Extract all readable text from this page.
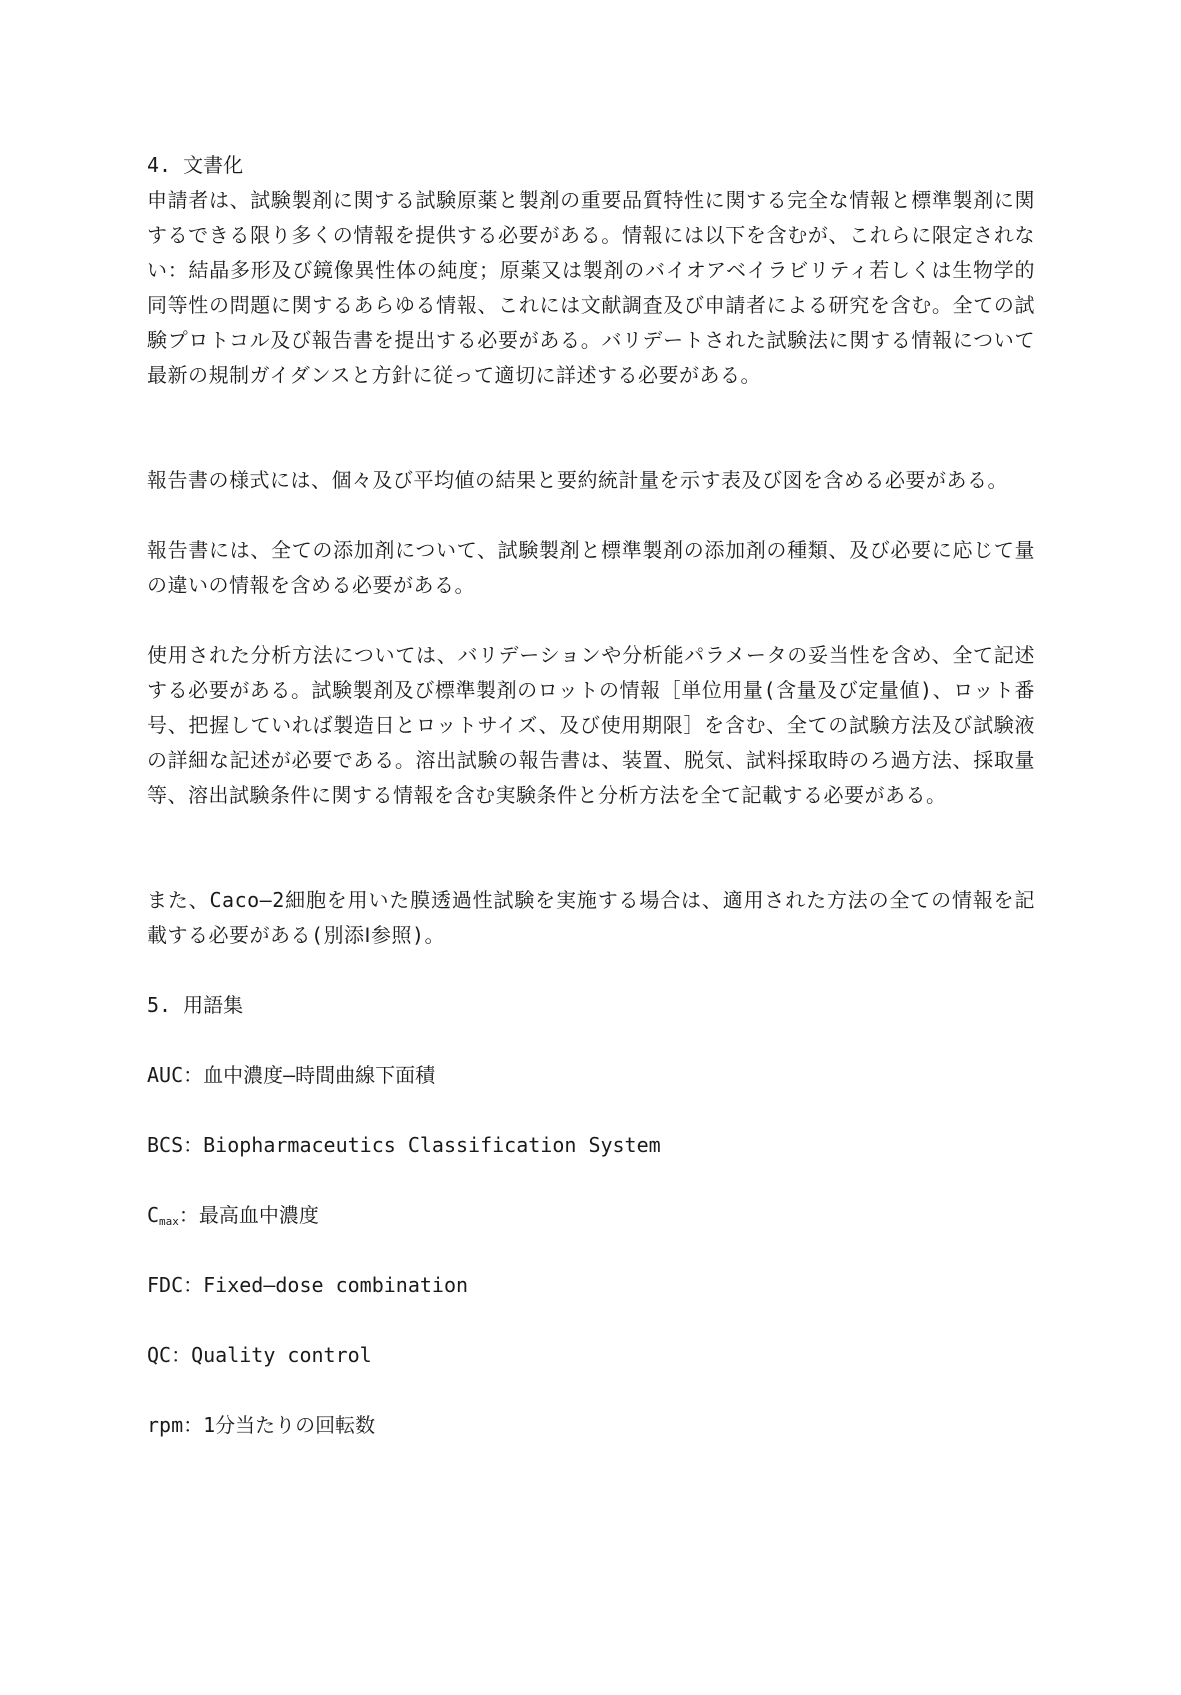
4. 文書化

申請者は、試験製剤に関する試験原薬と製剤の重要品質特性に関する完全な情報と標準製剤に関するできる限り多くの情報を提供する必要がある。情報には以下を含むが、これらに限定されない：結晶多形及び鏡像異性体の純度；原薬又は製剤のバイオアベイラビリティ若しくは生物学的同等性の問題に関するあらゆる情報、これには文献調査及び申請者による研究を含む。全ての試験プロトコル及び報告書を提出する必要がある。バリデートされた試験法に関する情報について最新の規制ガイダンスと方針に従って適切に詳述する必要がある。

報告書の様式には、個々及び平均値の結果と要約統計量を示す表及び図を含める必要がある。

報告書には、全ての添加剤について、試験製剤と標準製剤の添加剤の種類、及び必要に応じて量の違いの情報を含める必要がある。

使用された分析方法については、バリデーションや分析能パラメータの妥当性を含め、全て記述する必要がある。試験製剤及び標準製剤のロットの情報［単位用量(含量及び定量値)、ロット番号、把握していれば製造日とロットサイズ、及び使用期限］を含む、全ての試験方法及び試験液の詳細な記述が必要である。溶出試験の報告書は、装置、脱気、試料採取時のろ過方法、採取量等、溶出試験条件に関する情報を含む実験条件と分析方法を全て記載する必要がある。

また、Caco—2細胞を用いた膜透過性試験を実施する場合は、適用された方法の全ての情報を記載する必要がある(別添Ⅰ参照)。

5. 用語集

AUC：血中濃度—時間曲線下面積

BCS：Biopharmaceutics Classification System

$C_{max}$：最高血中濃度

FDC：Fixed—dose combination

QC：Quality control

rpm：1分当たりの回転数
